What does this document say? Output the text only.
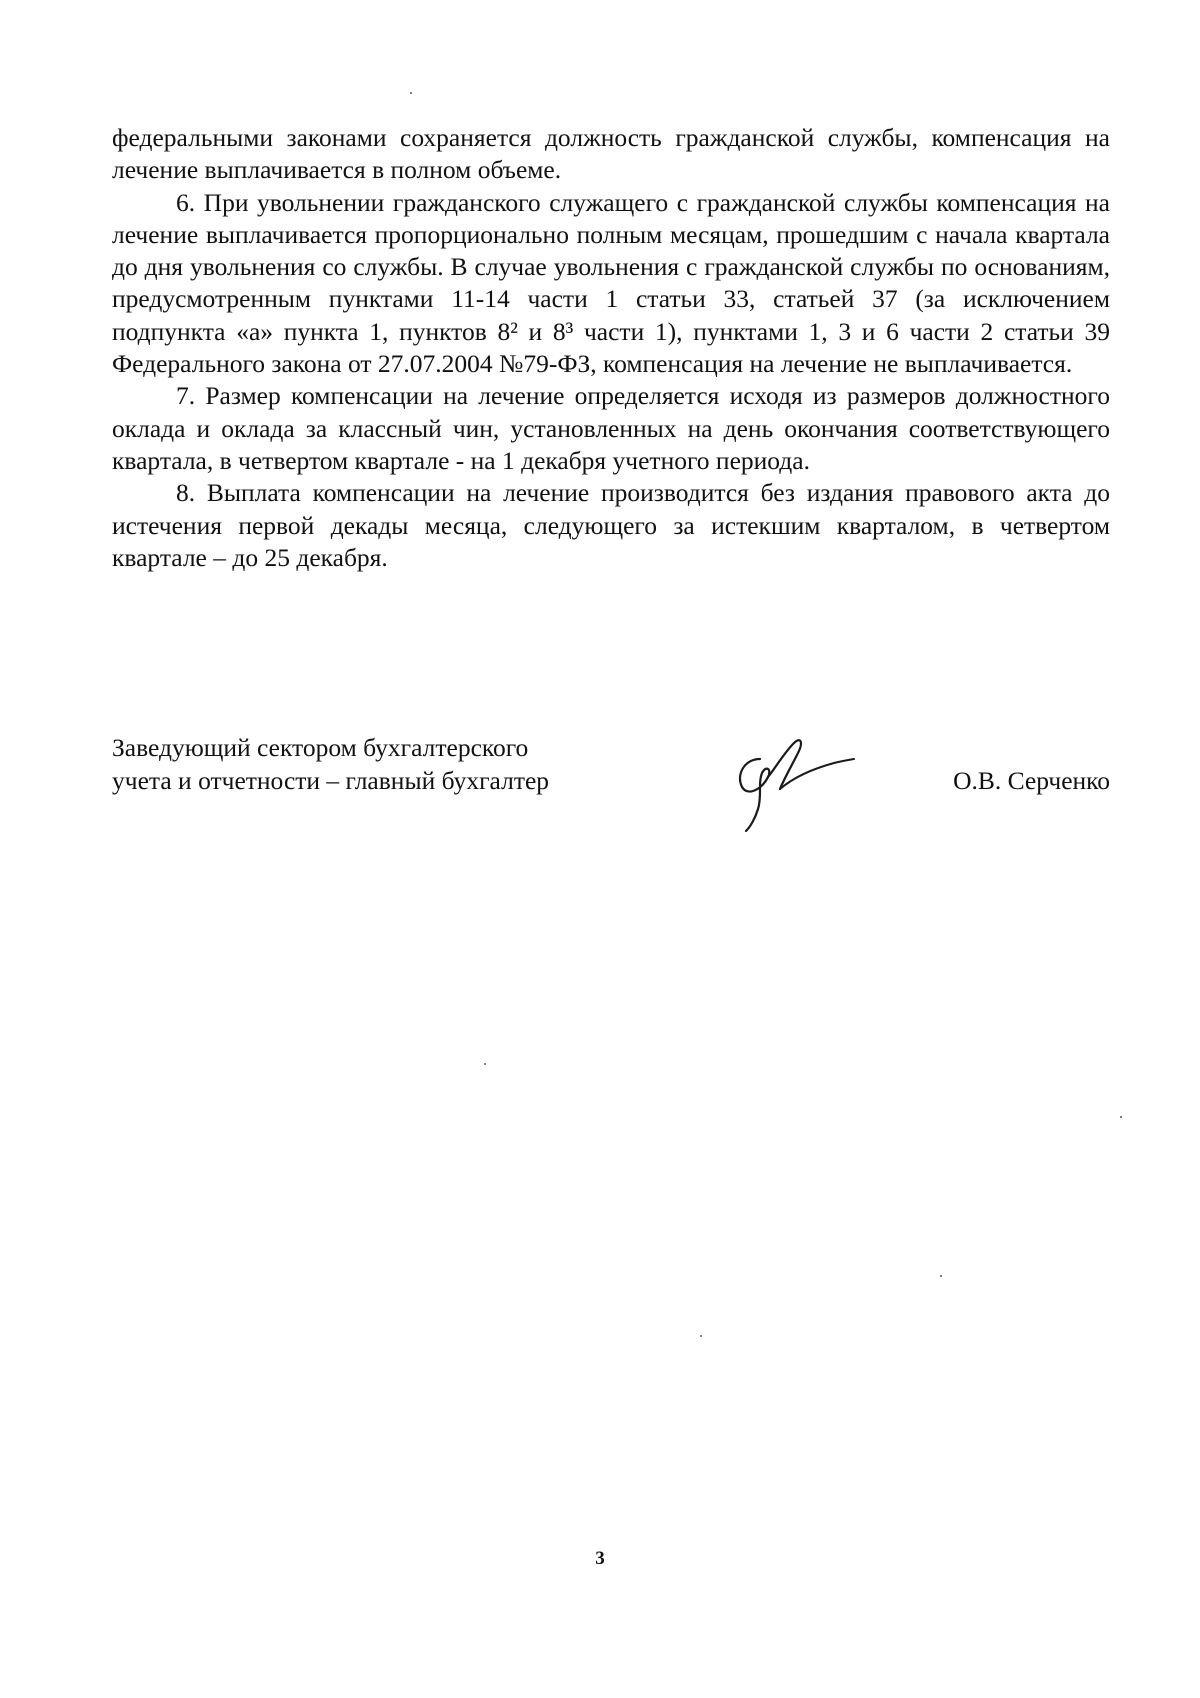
федеральными законами сохраняется должность гражданской службы, компенсация на лечение выплачивается в полном объеме.

6. При увольнении гражданского служащего с гражданской службы компенсация на лечение выплачивается пропорционально полным месяцам, прошедшим с начала квартала до дня увольнения со службы. В случае увольнения с гражданской службы по основаниям, предусмотренным пунктами 11-14 части 1 статьи 33, статьей 37 (за исключением подпункта «а» пункта 1, пунктов 8² и 8³ части 1), пунктами 1, 3 и 6 части 2 статьи 39 Федерального закона от 27.07.2004 №79-ФЗ, компенсация на лечение не выплачивается.

7. Размер компенсации на лечение определяется исходя из размеров должностного оклада и оклада за классный чин, установленных на день окончания соответствующего квартала, в четвертом квартале - на 1 декабря учетного периода.

8. Выплата компенсации на лечение производится без издания правового акта до истечения первой декады месяца, следующего за истекшим кварталом, в четвертом квартале – до 25 декабря.

Заведующий сектором бухгалтерского
учета и отчетности – главный бухгалтер	О.В. Серченко
3
